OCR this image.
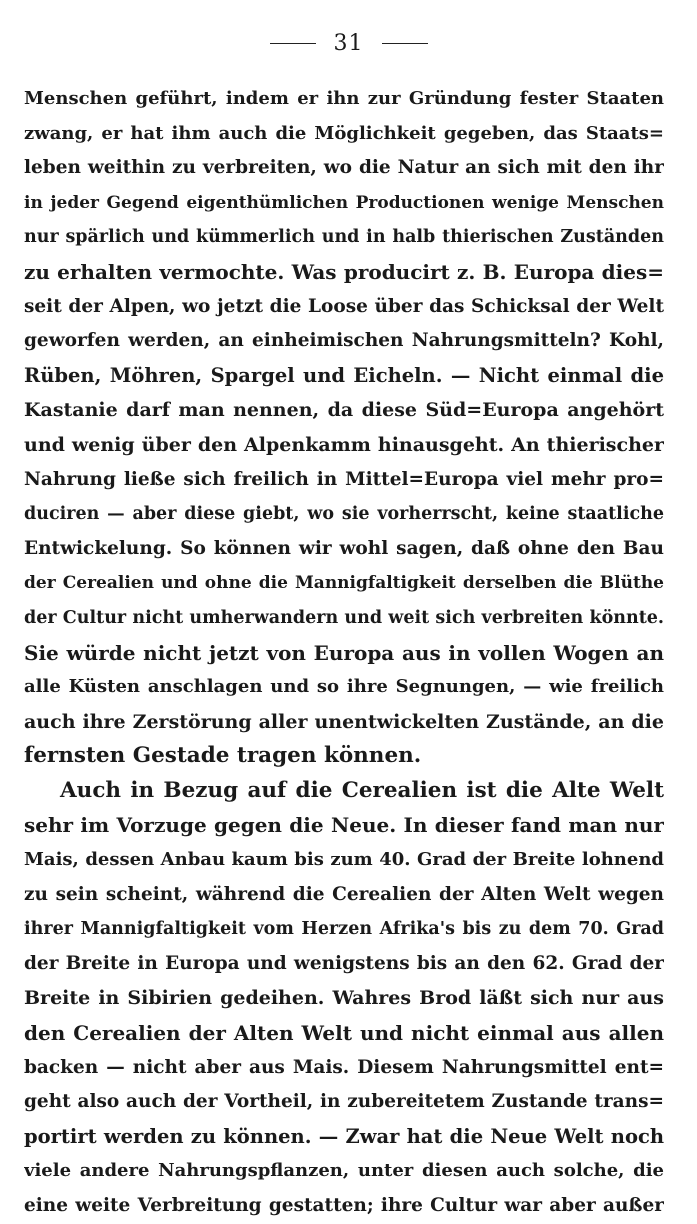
31
Menschen geführt, indem er ihn zur Gründung fester Staaten
zwang, er hat ihm auch die Möglichkeit gegeben, das Staats=
leben weithin zu verbreiten, wo die Natur an sich mit den ihr
in jeder Gegend eigenthümlichen Productionen wenige Menschen
nur spärlich und kümmerlich und in halb thierischen Zuständen
zu erhalten vermochte. Was producirt z. B. Europa dies=
seit der Alpen, wo jetzt die Loose über das Schicksal der Welt
geworfen werden, an einheimischen Nahrungsmitteln? Kohl,
Rüben, Möhren, Spargel und Eicheln. — Nicht einmal die
Kastanie darf man nennen, da diese Süd=Europa angehört
und wenig über den Alpenkamm hinausgeht. An thierischer
Nahrung ließe sich freilich in Mittel=Europa viel mehr pro=
duciren — aber diese giebt, wo sie vorherrscht, keine staatliche
Entwickelung. So können wir wohl sagen, daß ohne den Bau
der Cerealien und ohne die Mannigfaltigkeit derselben die Blüthe
der Cultur nicht umherwandern und weit sich verbreiten könnte.
Sie würde nicht jetzt von Europa aus in vollen Wogen an
alle Küsten anschlagen und so ihre Segnungen, — wie freilich
auch ihre Zerstörung aller unentwickelten Zustände, an die
fernsten Gestade tragen können.
Auch in Bezug auf die Cerealien ist die Alte Welt
sehr im Vorzuge gegen die Neue. In dieser fand man nur
Mais, dessen Anbau kaum bis zum 40. Grad der Breite lohnend
zu sein scheint, während die Cerealien der Alten Welt wegen
ihrer Mannigfaltigkeit vom Herzen Afrika's bis zu dem 70. Grad
der Breite in Europa und wenigstens bis an den 62. Grad der
Breite in Sibirien gedeihen. Wahres Brod läßt sich nur aus
den Cerealien der Alten Welt und nicht einmal aus allen
backen — nicht aber aus Mais. Diesem Nahrungsmittel ent=
geht also auch der Vortheil, in zubereitetem Zustande trans=
portirt werden zu können. — Zwar hat die Neue Welt noch
viele andere Nahrungspflanzen, unter diesen auch solche, die
eine weite Verbreitung gestatten; ihre Cultur war aber außer
